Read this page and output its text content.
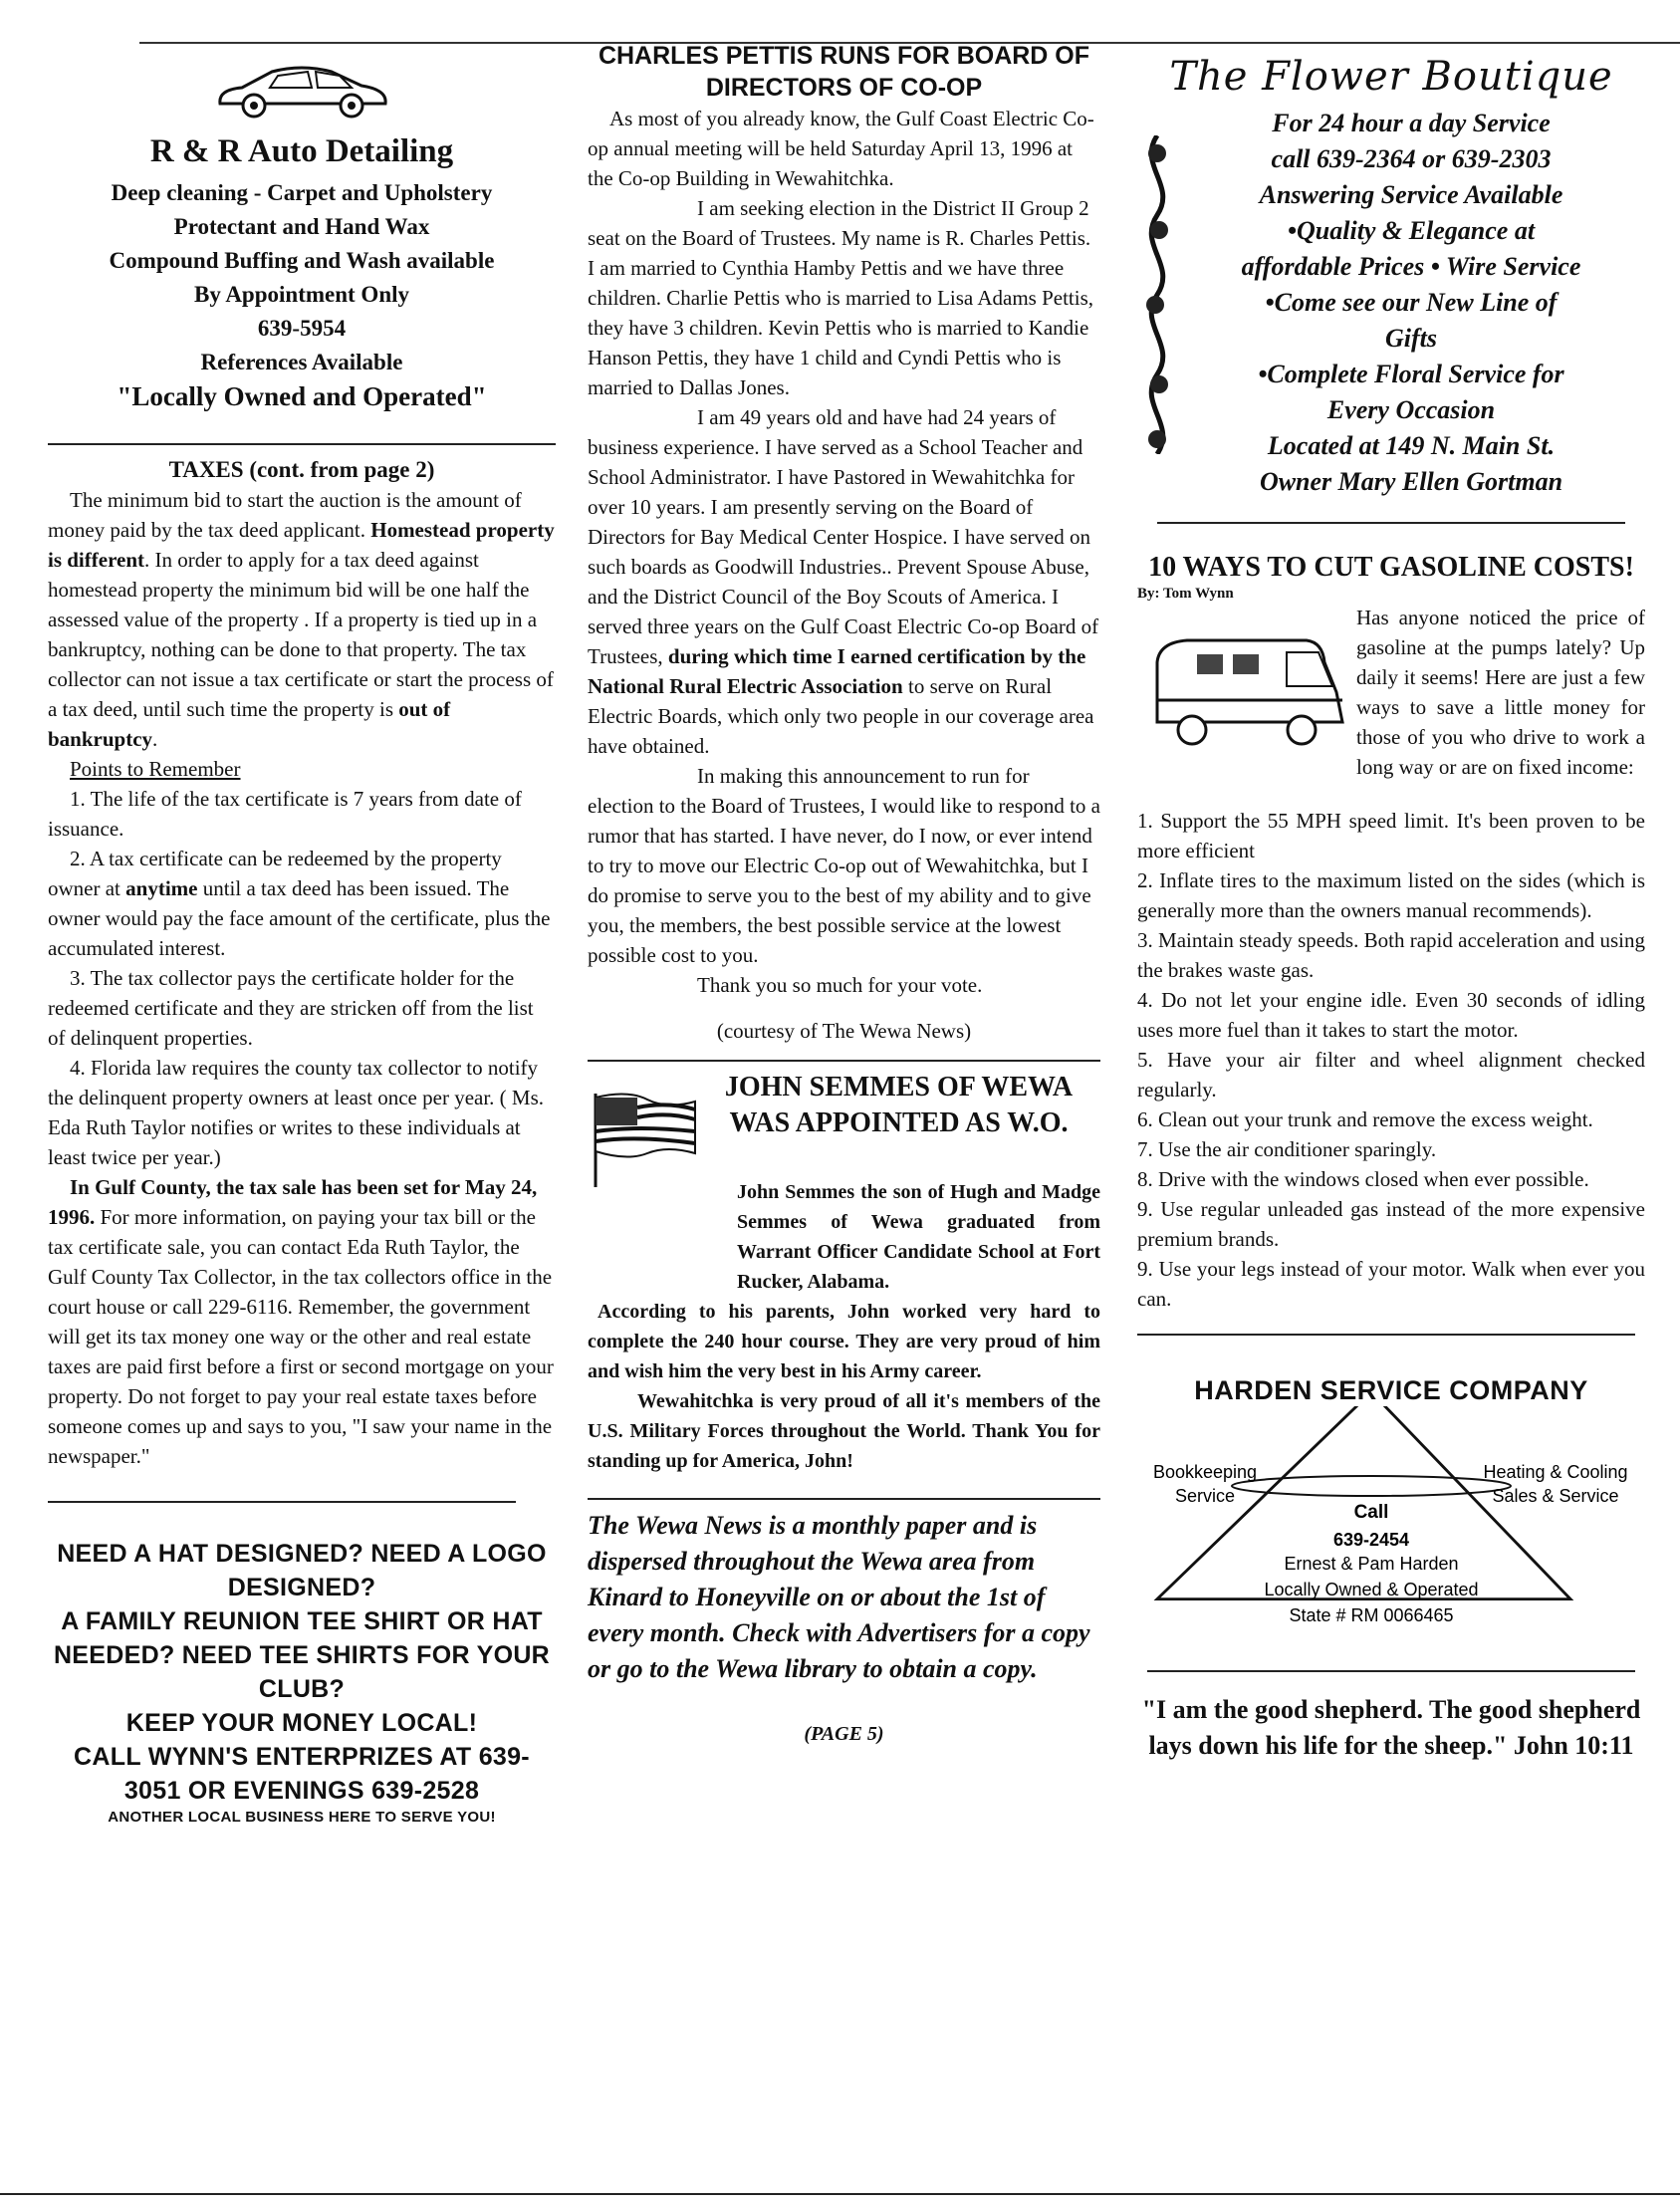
R & R Auto Detailing
Deep cleaning - Carpet and Upholstery
Protectant and Hand Wax
Compound Buffing and Wash available
By Appointment Only
639-5954
References Available
"Locally Owned and Operated"
TAXES (cont. from page 2)

The minimum bid to start the auction is the amount of money paid by the tax deed applicant. Homestead property is different. In order to apply for a tax deed against homestead property the minimum bid will be one half the assessed value of the property . If a property is tied up in a bankruptcy, nothing can be done to that property. The tax collector can not issue a tax certificate or start the process of a tax deed, until such time the property is out of bankruptcy.

Points to Remember

1. The life of the tax certificate is 7 years from date of issuance.

2. A tax certificate can be redeemed by the property owner at anytime until a tax deed has been issued. The owner would pay the face amount of the certificate, plus the accumulated interest.

3. The tax collector pays the certificate holder for the redeemed certificate and they are stricken off from the list of delinquent properties.

4. Florida law requires the county tax collector to notify the delinquent property owners at least once per year. ( Ms. Eda Ruth Taylor notifies or writes to these individuals at least twice per year.)

In Gulf County, the tax sale has been set for May 24, 1996. For more information, on paying your tax bill or the tax certificate sale, you can contact Eda Ruth Taylor, the Gulf County Tax Collector, in the tax collectors office in the court house or call 229-6116. Remember, the government will get its tax money one way or the other and real estate taxes are paid first before a first or second mortgage on your property. Do not forget to pay your real estate taxes before someone comes up and says to you, "I saw your name in the newspaper."

NEED A HAT DESIGNED? NEED A LOGO DESIGNED?
A FAMILY REUNION TEE SHIRT OR HAT NEEDED? NEED TEE SHIRTS FOR YOUR CLUB?
KEEP YOUR MONEY LOCAL!
CALL WYNN'S ENTERPRIZES AT 639-3051 OR EVENINGS 639-2528
ANOTHER LOCAL BUSINESS HERE TO SERVE YOU!
CHARLES PETTIS RUNS FOR BOARD OF DIRECTORS OF CO-OP

As most of you already know, the Gulf Coast Electric Co-op annual meeting will be held Saturday April 13, 1996 at the Co-op Building in Wewahitchka.

I am seeking election in the District II Group 2 seat on the Board of Trustees. My name is R. Charles Pettis. I am married to Cynthia Hamby Pettis and we have three children. Charlie Pettis who is married to Lisa Adams Pettis, they have 3 children. Kevin Pettis who is married to Kandie Hanson Pettis, they have 1 child and Cyndi Pettis who is married to Dallas Jones.

I am 49 years old and have had 24 years of business experience. I have served as a School Teacher and School Administrator. I have Pastored in Wewahitchka for over 10 years. I am presently serving on the Board of Directors for Bay Medical Center Hospice. I have served on such boards as Goodwill Industries.. Prevent Spouse Abuse, and the District Council of the Boy Scouts of America. I served three years on the Gulf Coast Electric Co-op Board of Trustees, during which time I earned certification by the National Rural Electric Association to serve on Rural Electric Boards, which only two people in our coverage area have obtained.

In making this announcement to run for election to the Board of Trustees, I would like to respond to a rumor that has started. I have never, do I now, or ever intend to try to move our Electric Co-op out of Wewahitchka, but I do promise to serve you to the best of my ability and to give you, the members, the best possible service at the lowest possible cost to you.

Thank you so much for your vote.

(courtesy of The Wewa News)

JOHN SEMMES OF WEWA WAS APPOINTED AS W.O.

John Semmes the son of Hugh and Madge Semmes of Wewa graduated from Warrant Officer Candidate School at Fort Rucker, Alabama.

According to his parents, John worked very hard to complete the 240 hour course. They are very proud of him and wish him the very best in his Army career.

Wewahitchka is very proud of all it's members of the U.S. Military Forces throughout the World. Thank You for standing up for America, John!

The Wewa News is a monthly paper and is dispersed throughout the Wewa area from Kinard to Honeyville on or about the 1st of every month. Check with Advertisers for a copy or go to the Wewa library to obtain a copy.

(PAGE 5)

The Flower Boutique
For 24 hour a day Service
call 639-2364 or 639-2303
Answering Service Available
•Quality & Elegance at
affordable Prices • Wire Service
•Come see our New Line of
Gifts
•Complete Floral Service for
Every Occasion
Located at 149 N. Main St.
Owner Mary Ellen Gortman
10 WAYS TO CUT GASOLINE COSTS!
By: Tom Wynn

Has anyone noticed the price of gasoline at the pumps lately? Up daily it seems! Here are just a few ways to save a little money for those of you who drive to work a long way or are on fixed income:

1. Support the 55 MPH speed limit. It's been proven to be more efficient

2. Inflate tires to the maximum listed on the sides (which is generally more than the owners manual recommends).

3. Maintain steady speeds. Both rapid acceleration and using the brakes waste gas.

4. Do not let your engine idle. Even 30 seconds of idling uses more fuel than it takes to start the motor.

5. Have your air filter and wheel alignment checked regularly.

6. Clean out your trunk and remove the excess weight.

7. Use the air conditioner sparingly.

8. Drive with the windows closed when ever possible.

9. Use regular unleaded gas instead of the more expensive premium brands.

9. Use your legs instead of your motor. Walk when ever you can.

HARDEN SERVICE COMPANY
Bookkeeping
Service
Heating & Cooling
Sales & Service
Call
639-2454
Ernest & Pam Harden
Locally Owned & Operated
State # RM 0066465

"I am the good shepherd. The good shepherd lays down his life for the sheep." John 10:11
